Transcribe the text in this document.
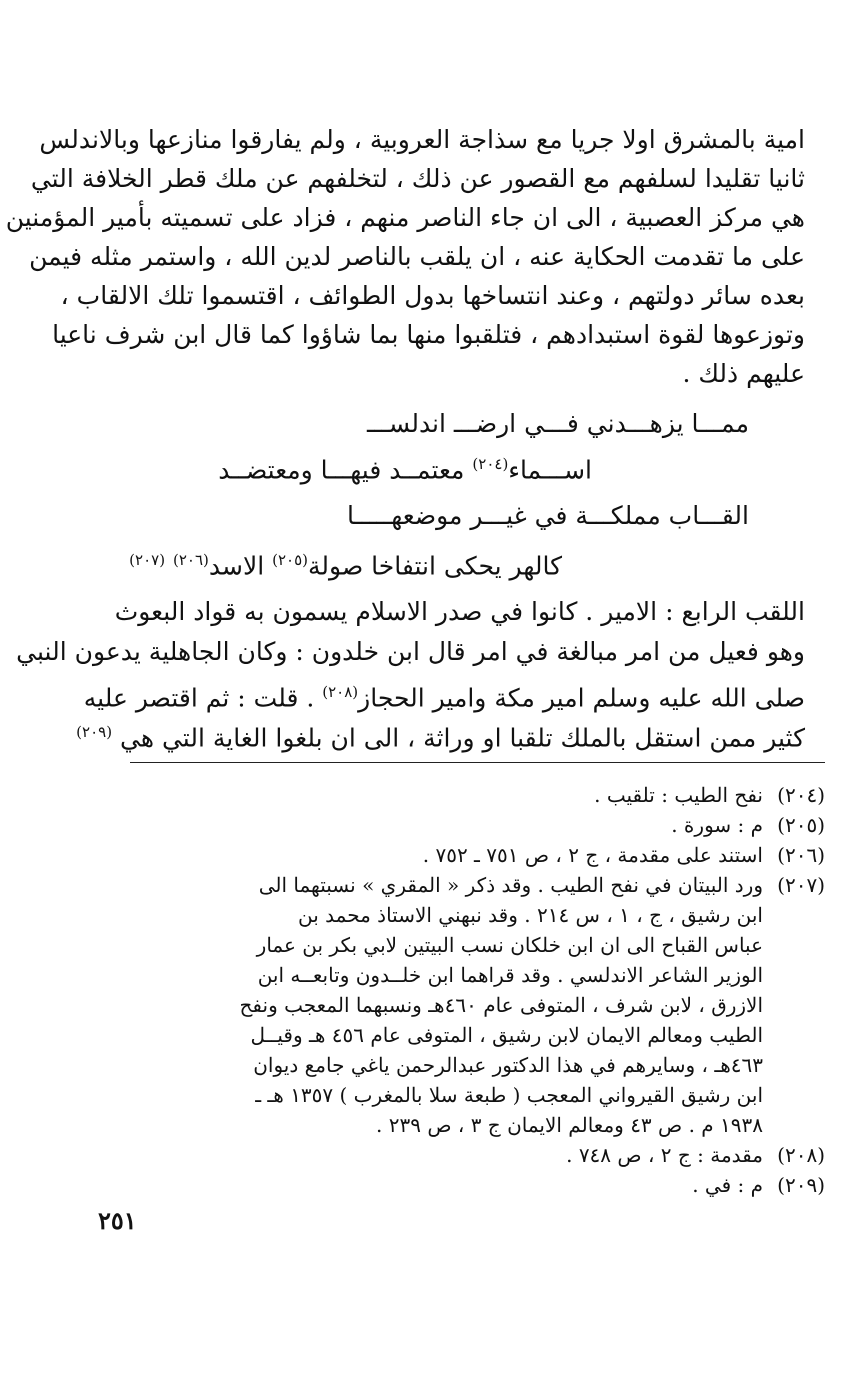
امية بالمشرق اولا جريا مع سذاجة العروبية ، ولم يفارقوا منازعها وبالاندلس
ثانيا تقليدا لسلفهم مع القصور عن ذلك ، لتخلفهم عن ملك قطر الخلافة التي
هي مركز العصبية ، الى ان جاء الناصر منهم ، فزاد على تسميته بأمير المؤمنين
على ما تقدمت الحكاية عنه ، ان يلقب بالناصر لدين الله ، واستمر مثله فيمن
بعده سائر دولتهم ، وعند انتساخها بدول الطوائف ، اقتسموا تلك الالقاب ،
وتوزعوها لقوة استبدادهم ، فتلقبوا منها بما شاؤوا كما قال ابن شرف ناعيا
عليهم ذلك .
ممـــا يزهـــدني فـــي ارضـــ اندلســـ
اســـماء$^{(٢٠٤)}$ معتمــد فيهـــا ومعتضــد
القـــاب مملكـــة في غيـــر موضعهـــــا
كالهر يحكى انتفاخا صولة$^{(٢٠٥)}$ الاسد$^{(٢٠٦)}$ $^{(٢٠٧)}$
اللقب الرابع : الامير . كانوا في صدر الاسلام يسمون به قواد البعوث
وهو فعيل من امر مبالغة في امر قال ابن خلدون : وكان الجاهلية يدعون النبي
صلى الله عليه وسلم امير مكة وامير الحجاز$^{(٢٠٨)}$ . قلت : ثم اقتصر عليه
كثير ممن استقل بالملك تلقبا او وراثة ، الى ان بلغوا الغاية التي هي $^{(٢٠٩)}$
(٢٠٤)
نفح الطيب : تلقيب .
(٢٠٥)
م : سورة .
(٢٠٦)
استند على مقدمة ، ج ٢ ، ص ٧٥١ ـ ٧٥٢ .
(٢٠٧)
ورد البيتان في نفح الطيب . وقد ذكر « المقري » نسبتهما الى
ابن رشيق ، ج ، ١ ، س ٢١٤ . وقد نبهني الاستاذ محمد بن
عباس القباح الى ان ابن خلكان نسب البيتين لابي بكر بن عمار
الوزير الشاعر الاندلسي . وقد قراهما ابن خلــدون وتابعــه ابن
الازرق ، لابن شرف ، المتوفى عام ٤٦٠هـ ونسبهما المعجب ونفح
الطيب ومعالم الايمان لابن رشيق ، المتوفى عام ٤٥٦ هـ وقيــل
٤٦٣هـ ، وسايرهم في هذا الدكتور عبدالرحمن ياغي جامع ديوان
ابن رشيق القيرواني المعجب ( طبعة سلا بالمغرب ) ١٣٥٧ هـ ـ
١٩٣٨ م . ص ٤٣ ومعالم الايمان ج ٣ ، ص ٢٣٩ .
(٢٠٨)
مقدمة : ج ٢ ، ص ٧٤٨ .
(٢٠٩)
م : في .
٢٥١
